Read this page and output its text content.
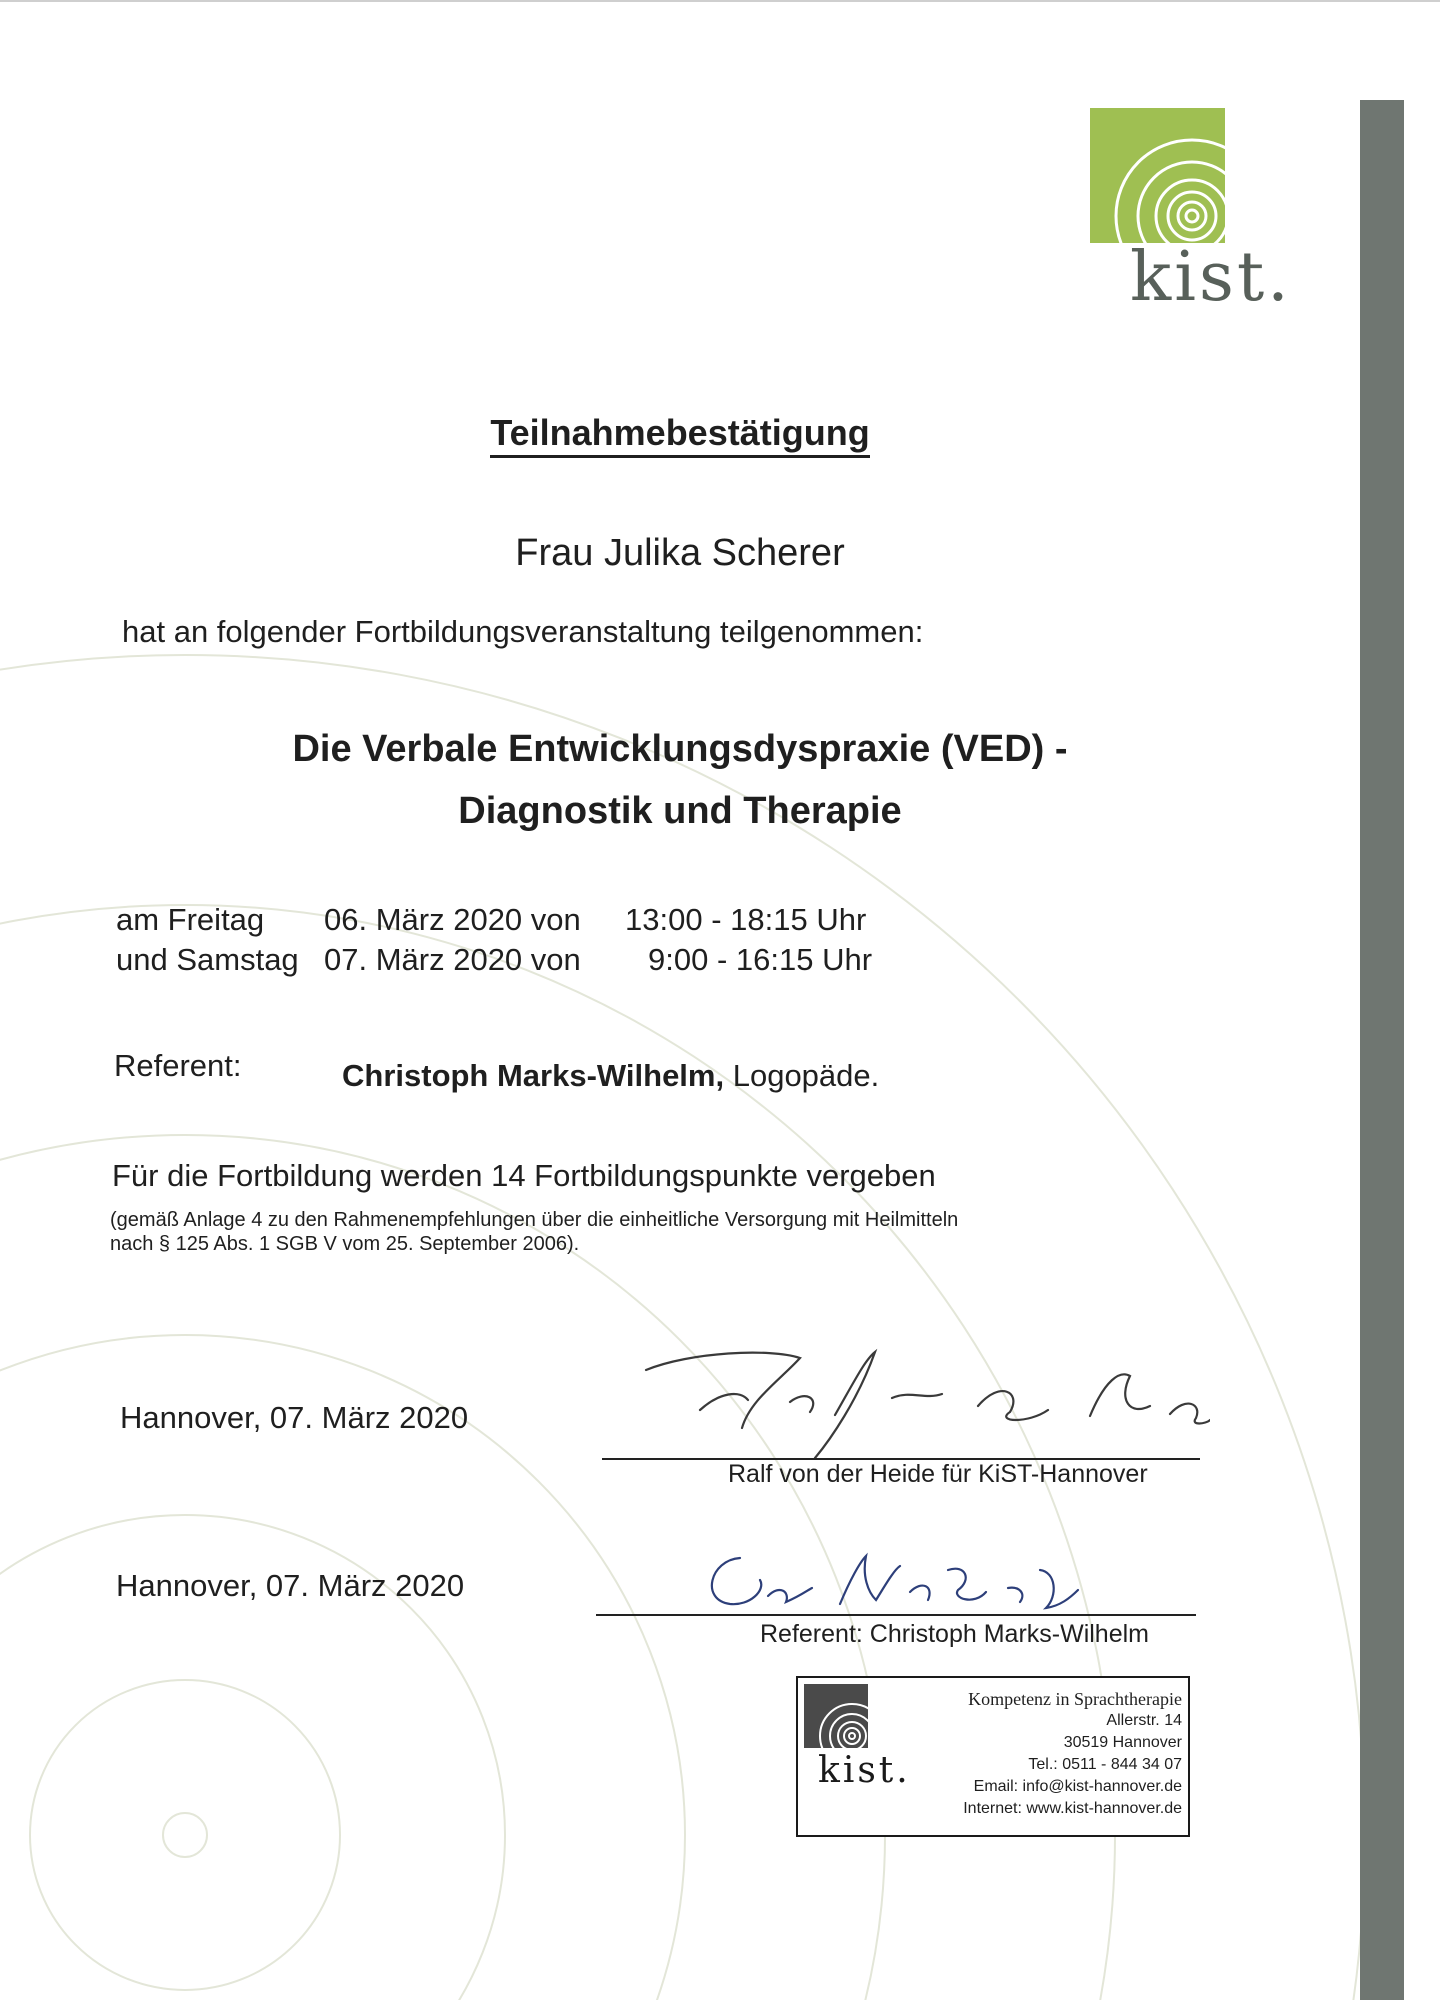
kist.
Teilnahmebestätigung
Frau Julika Scherer
hat an folgender Fortbildungsveranstaltung teilgenommen:
Die Verbale Entwicklungsdyspraxie (VED) -
Diagnostik und Therapie
am Freitag 06. März 2020 von 13:00 - 18:15 Uhr
und Samstag 07. März 2020 von 9:00 - 16:15 Uhr
Referent:	Christoph Marks-Wilhelm, Logopäde.
Für die Fortbildung werden 14 Fortbildungspunkte vergeben
(gemäß Anlage 4 zu den Rahmenempfehlungen über die einheitliche Versorgung mit Heilmitteln
nach § 125 Abs. 1 SGB V vom 25. September 2006).
Hannover, 07. März 2020
Ralf von der Heide für KiST-Hannover
Hannover, 07. März 2020
Referent: Christoph Marks-Wilhelm
kist.
Kompetenz in Sprachtherapie
Allerstr. 14
30519 Hannover
Tel.: 0511 - 844 34 07
Email: info@kist-hannover.de
Internet: www.kist-hannover.de
